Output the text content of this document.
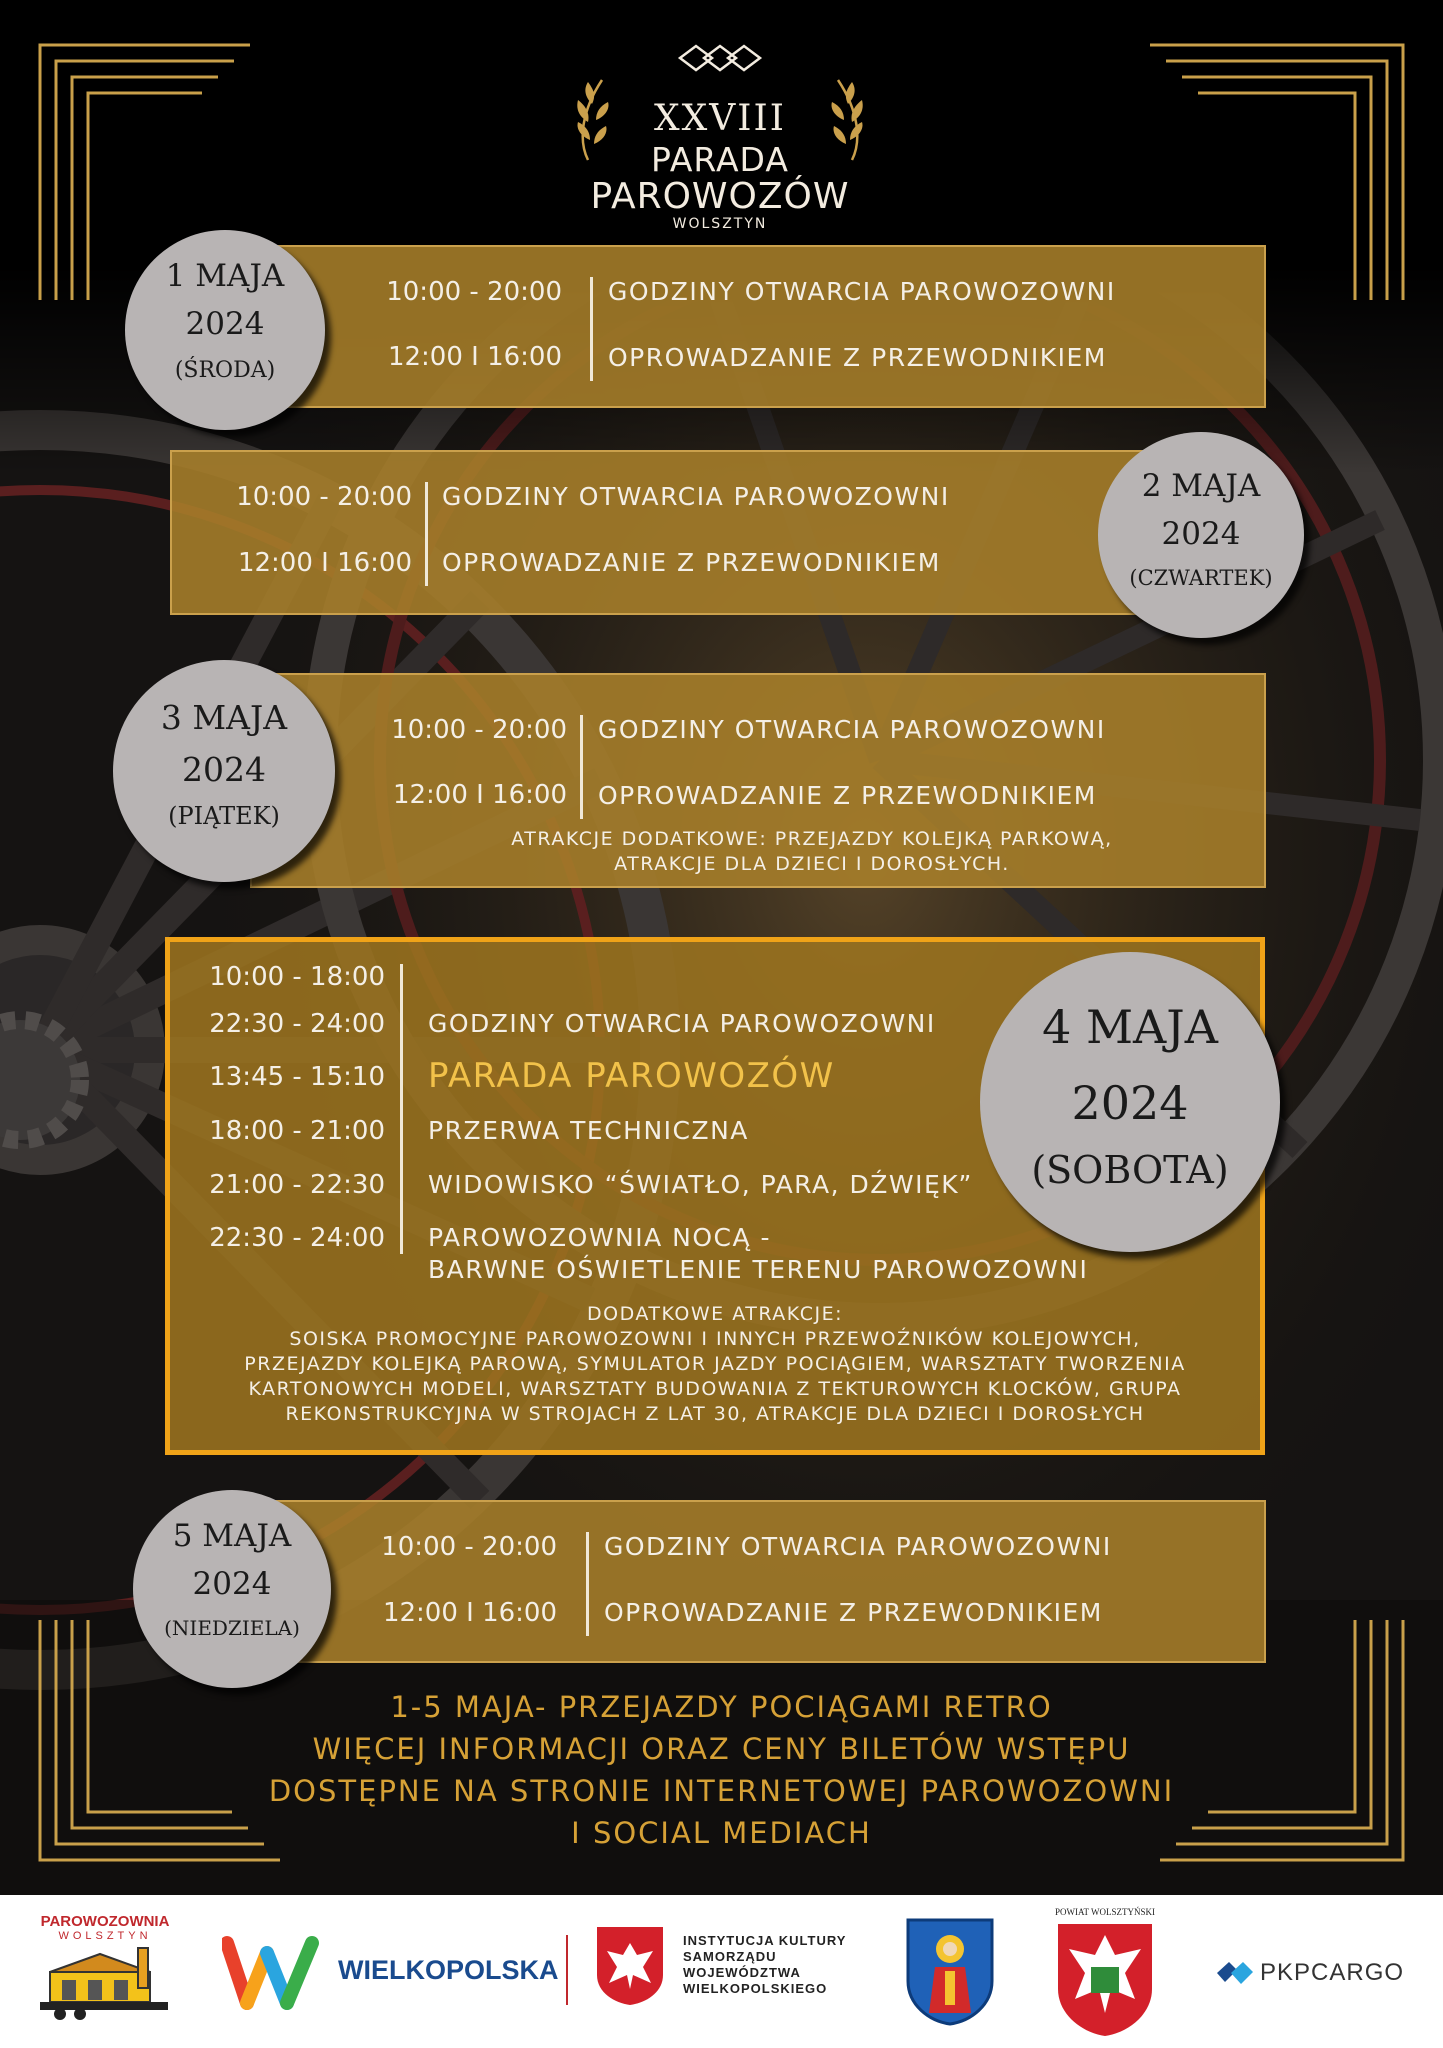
XXVIII
PARADA
PAROWOZÓW
WOLSZTYN
10:00 - 20:00
12:00 I 16:00
GODZINY OTWARCIA PAROWOZOWNI
OPROWADZANIE Z PRZEWODNIKIEM
1 MAJA
2024
(ŚRODA)
10:00 - 20:00
12:00 I 16:00
GODZINY OTWARCIA PAROWOZOWNI
OPROWADZANIE Z PRZEWODNIKIEM
2 MAJA
2024
(CZWARTEK)
10:00 - 20:00
12:00 I 16:00
GODZINY OTWARCIA PAROWOZOWNI
OPROWADZANIE Z PRZEWODNIKIEM
ATRAKCJE DODATKOWE: PRZEJAZDY KOLEJKĄ PARKOWĄ,
ATRAKCJE DLA DZIECI I DOROSŁYCH.
3 MAJA
2024
(PIĄTEK)
10:00 - 18:00
22:30 - 24:00
13:45 - 15:10
18:00 - 21:00
21:00 - 22:30
22:30 - 24:00
GODZINY OTWARCIA PAROWOZOWNI
PARADA PAROWOZÓW
PRZERWA TECHNICZNA
WIDOWISKO “ŚWIATŁO, PARA, DŹWIĘK”
PAROWOZOWNIA NOCĄ -
BARWNE OŚWIETLENIE TERENU PAROWOZOWNI
DODATKOWE ATRAKCJE:
SOISKA PROMOCYJNE PAROWOZOWNI I INNYCH PRZEWOŹNIKÓW KOLEJOWYCH,
PRZEJAZDY KOLEJKĄ PAROWĄ, SYMULATOR JAZDY POCIĄGIEM, WARSZTATY TWORZENIA
KARTONOWYCH MODELI, WARSZTATY BUDOWANIA Z TEKTUROWYCH KLOCKÓW, GRUPA
REKONSTRUKCYJNA W STROJACH Z LAT 30, ATRAKCJE DLA DZIECI I DOROSŁYCH
4 MAJA
2024
(SOBOTA)
10:00 - 20:00
12:00 I 16:00
GODZINY OTWARCIA PAROWOZOWNI
OPROWADZANIE Z PRZEWODNIKIEM
5 MAJA
2024
(NIEDZIELA)
1-5 MAJA- PRZEJAZDY POCIĄGAMI RETRO
WIĘCEJ INFORMACJI ORAZ CENY BILETÓW WSTĘPU
DOSTĘPNE NA STRONIE INTERNETOWEJ PAROWOZOWNI
I SOCIAL MEDIACH
PAROWOZOWNIA
WOLSZTYN
WIELKOPOLSKA
INSTYTUCJA KULTURY
SAMORZĄDU
WOJEWÓDZTWA
WIELKOPOLSKIEGO
POWIAT WOLSZTYŃSKI
PKPCARGO
